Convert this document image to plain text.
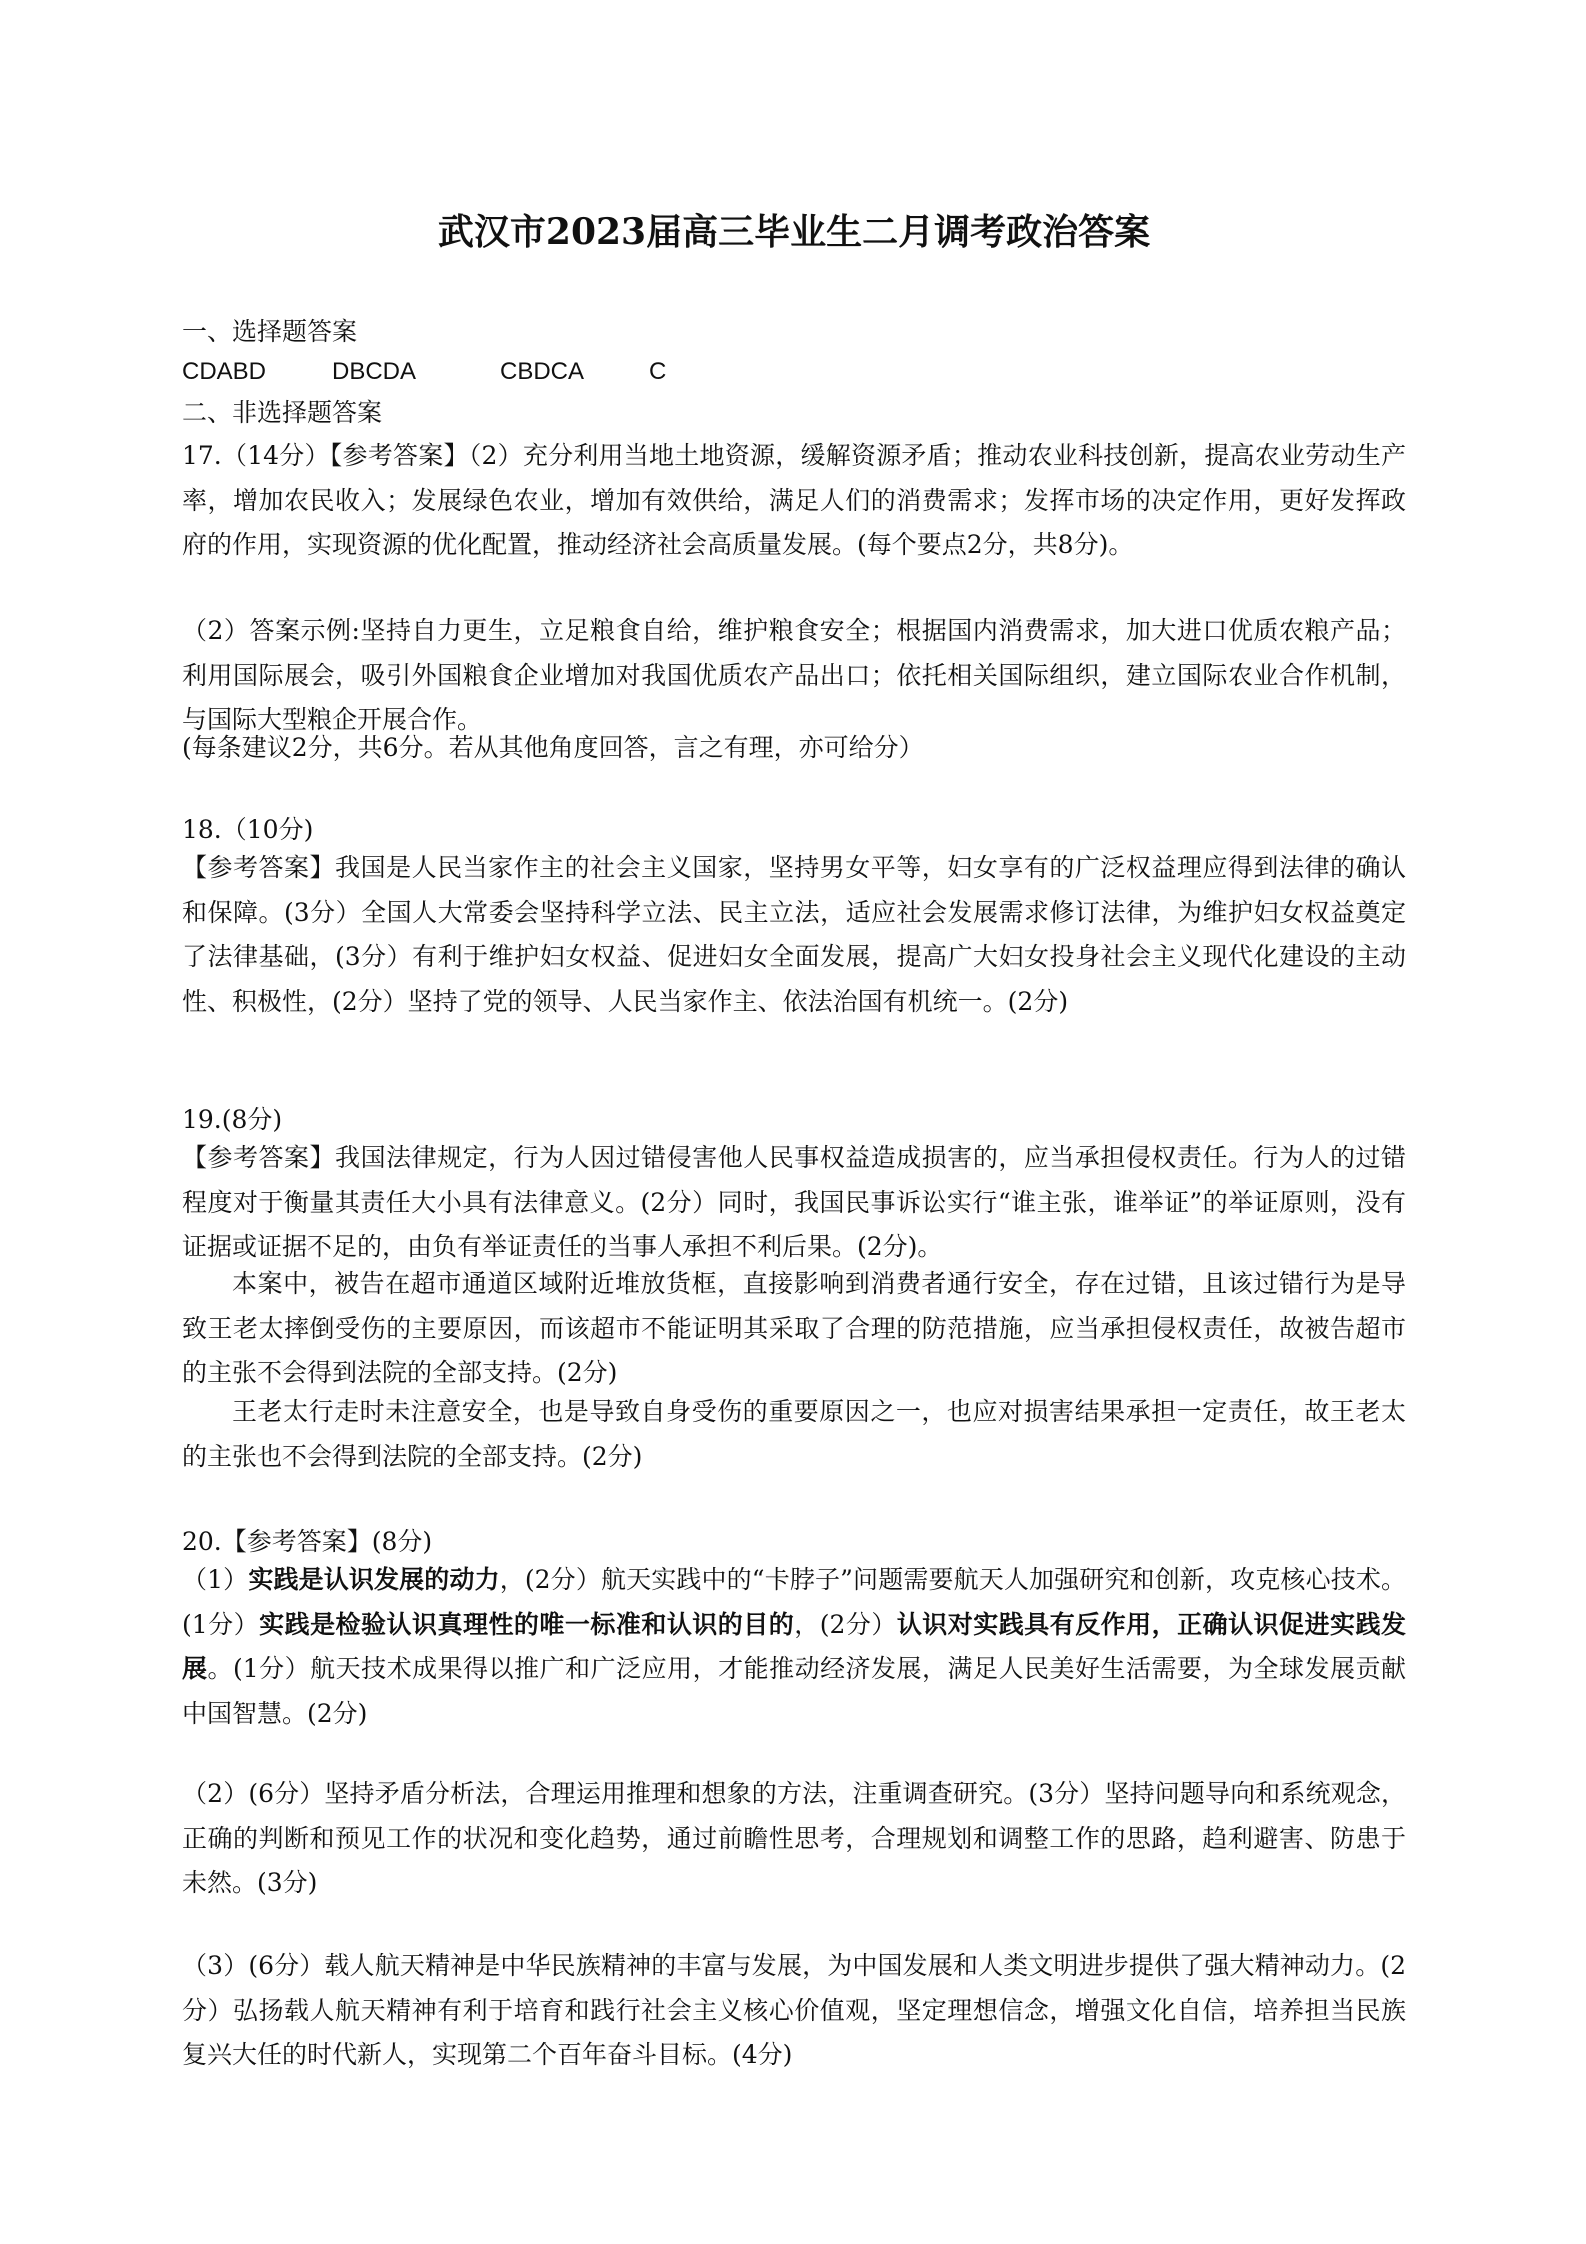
武汉市2023届高三毕业生二月调考政治答案
一、选择题答案
CDABD	DBCDA	CBDCA	C
二、非选择题答案
17.（14分）【参考答案】（2）充分利用当地土地资源，缓解资源矛盾；推动农业科技创新，提高农业劳动生产率，增加农民收入；发展绿色农业，增加有效供给，满足人们的消费需求；发挥市场的决定作用，更好发挥政府的作用，实现资源的优化配置，推动经济社会高质量发展。(每个要点2分，共8分)。
（2）答案示例:坚持自力更生，立足粮食自给，维护粮食安全；根据国内消费需求，加大进口优质农粮产品；利用国际展会，吸引外国粮食企业增加对我国优质农产品出口；依托相关国际组织，建立国际农业合作机制，与国际大型粮企开展合作。
(每条建议2分，共6分。若从其他角度回答，言之有理，亦可给分）
18.（10分)
【参考答案】我国是人民当家作主的社会主义国家，坚持男女平等，妇女享有的广泛权益理应得到法律的确认和保障。(3分）全国人大常委会坚持科学立法、民主立法，适应社会发展需求修订法律，为维护妇女权益奠定了法律基础，(3分）有利于维护妇女权益、促进妇女全面发展，提高广大妇女投身社会主义现代化建设的主动性、积极性，(2分）坚持了党的领导、人民当家作主、依法治国有机统一。(2分)
19.(8分)
【参考答案】我国法律规定，行为人因过错侵害他人民事权益造成损害的，应当承担侵权责任。行为人的过错程度对于衡量其责任大小具有法律意义。(2分）同时，我国民事诉讼实行“谁主张，谁举证”的举证原则，没有证据或证据不足的，由负有举证责任的当事人承担不利后果。(2分)。
本案中，被告在超市通道区域附近堆放货框，直接影响到消费者通行安全，存在过错，且该过错行为是导致王老太摔倒受伤的主要原因，而该超市不能证明其采取了合理的防范措施，应当承担侵权责任，故被告超市的主张不会得到法院的全部支持。(2分)
王老太行走时未注意安全，也是导致自身受伤的重要原因之一，也应对损害结果承担一定责任，故王老太的主张也不会得到法院的全部支持。(2分)
20.【参考答案】(8分)
（1）实践是认识发展的动力，(2分）航天实践中的“卡脖子”问题需要航天人加强研究和创新，攻克核心技术。(1分）实践是检验认识真理性的唯一标准和认识的目的，(2分）认识对实践具有反作用，正确认识促进实践发展。(1分）航天技术成果得以推广和广泛应用，才能推动经济发展，满足人民美好生活需要，为全球发展贡献中国智慧。(2分)
（2）(6分）坚持矛盾分析法，合理运用推理和想象的方法，注重调查研究。(3分）坚持问题导向和系统观念，正确的判断和预见工作的状况和变化趋势，通过前瞻性思考，合理规划和调整工作的思路，趋利避害、防患于未然。(3分)
（3）(6分）载人航天精神是中华民族精神的丰富与发展，为中国发展和人类文明进步提供了强大精神动力。(2分）弘扬载人航天精神有利于培育和践行社会主义核心价值观，坚定理想信念，增强文化自信，培养担当民族复兴大任的时代新人，实现第二个百年奋斗目标。(4分)
